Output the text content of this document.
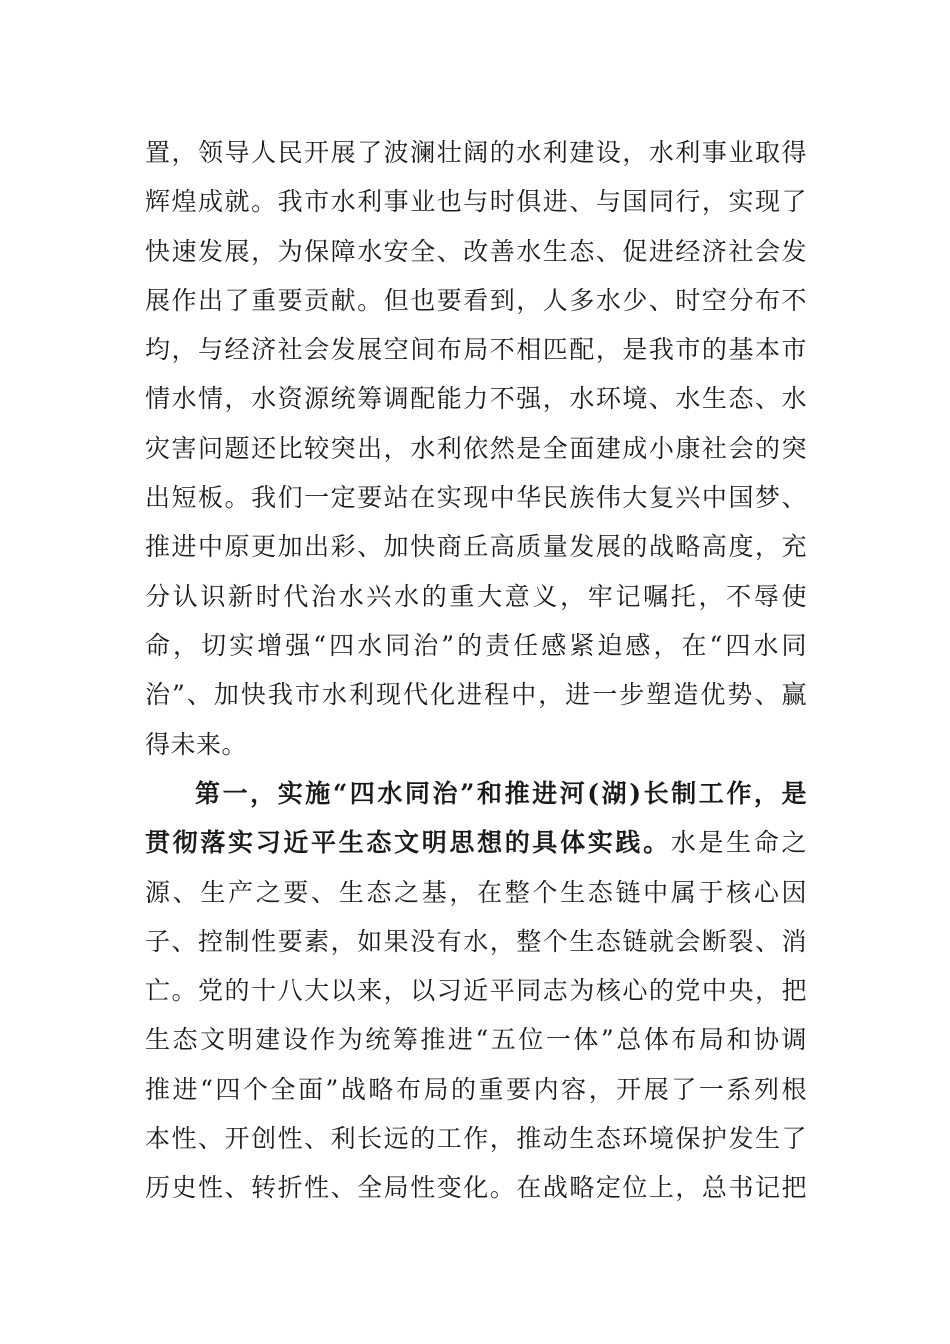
置，领导人民开展了波澜壮阔的水利建设，水利事业取得
辉煌成就。我市水利事业也与时俱进、与国同行，实现了
快速发展，为保障水安全、改善水生态、促进经济社会发
展作出了重要贡献。但也要看到，人多水少、时空分布不
均，与经济社会发展空间布局不相匹配，是我市的基本市
情水情，水资源统筹调配能力不强，水环境、水生态、水
灾害问题还比较突出，水利依然是全面建成小康社会的突
出短板。我们一定要站在实现中华民族伟大复兴中国梦、
推进中原更加出彩、加快商丘高质量发展的战略高度，充
分认识新时代治水兴水的重大意义，牢记嘱托，不辱使
命，切实增强“四水同治”的责任感紧迫感，在“四水同
治”、加快我市水利现代化进程中，进一步塑造优势、赢
得未来。
第一，实施“四水同治”和推进河(湖)长制工作，是
贯彻落实习近平生态文明思想的具体实践。水是生命之
源、生产之要、生态之基，在整个生态链中属于核心因
子、控制性要素，如果没有水，整个生态链就会断裂、消
亡。党的十八大以来，以习近平同志为核心的党中央，把
生态文明建设作为统筹推进“五位一体”总体布局和协调
推进“四个全面”战略布局的重要内容，开展了一系列根
本性、开创性、利长远的工作，推动生态环境保护发生了
历史性、转折性、全局性变化。在战略定位上，总书记把
